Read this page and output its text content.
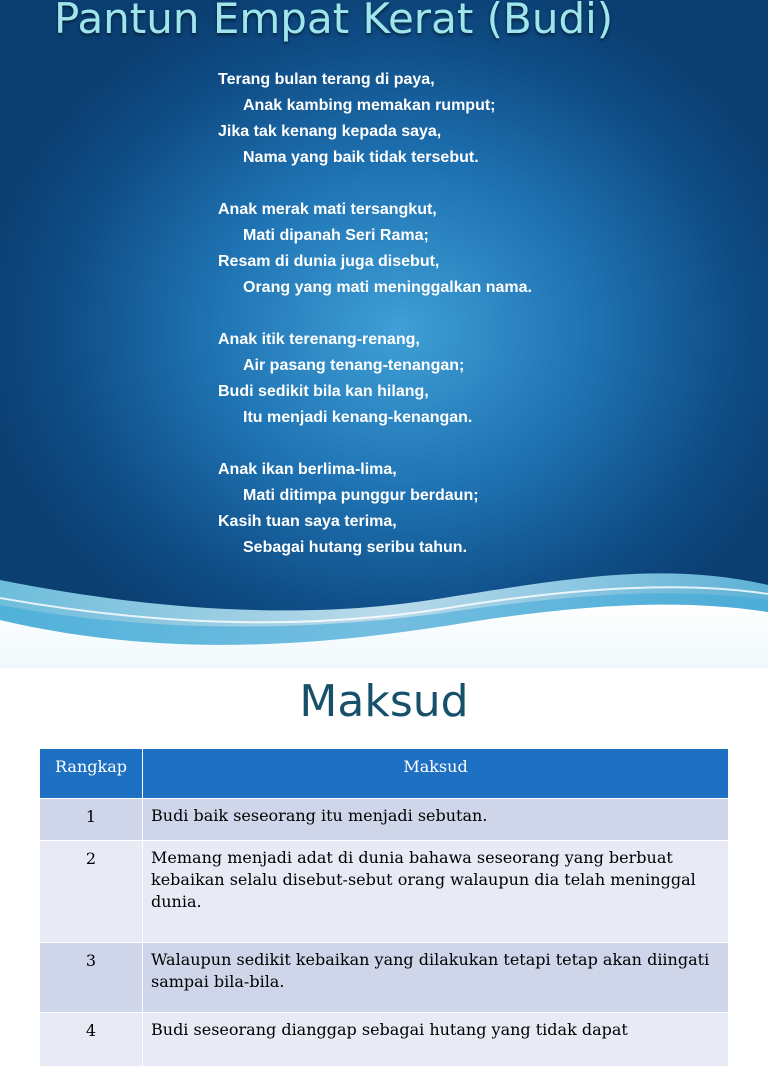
Pantun Empat Kerat (Budi)
Terang bulan terang di paya,
Anak kambing memakan rumput;
Jika tak kenang kepada saya,
Nama yang baik tidak tersebut.
Anak merak mati tersangkut,
Mati dipanah Seri Rama;
Resam di dunia juga disebut,
Orang yang mati meninggalkan nama.
Anak itik terenang-renang,
Air pasang tenang-tenangan;
Budi sedikit bila kan hilang,
Itu menjadi kenang-kenangan.
Anak ikan berlima-lima,
Mati ditimpa punggur berdaun;
Kasih tuan saya terima,
Sebagai hutang seribu tahun.
Maksud
Rangkap	Maksud
1	Budi baik seseorang itu menjadi sebutan.
2	Memang menjadi adat di dunia bahawa seseorang yang berbuat kebaikan selalu disebut-sebut orang walaupun dia telah meninggal dunia.
3	Walaupun sedikit kebaikan yang dilakukan tetapi tetap akan diingati sampai bila-bila.
4	Budi seseorang dianggap sebagai hutang yang tidak dapat
